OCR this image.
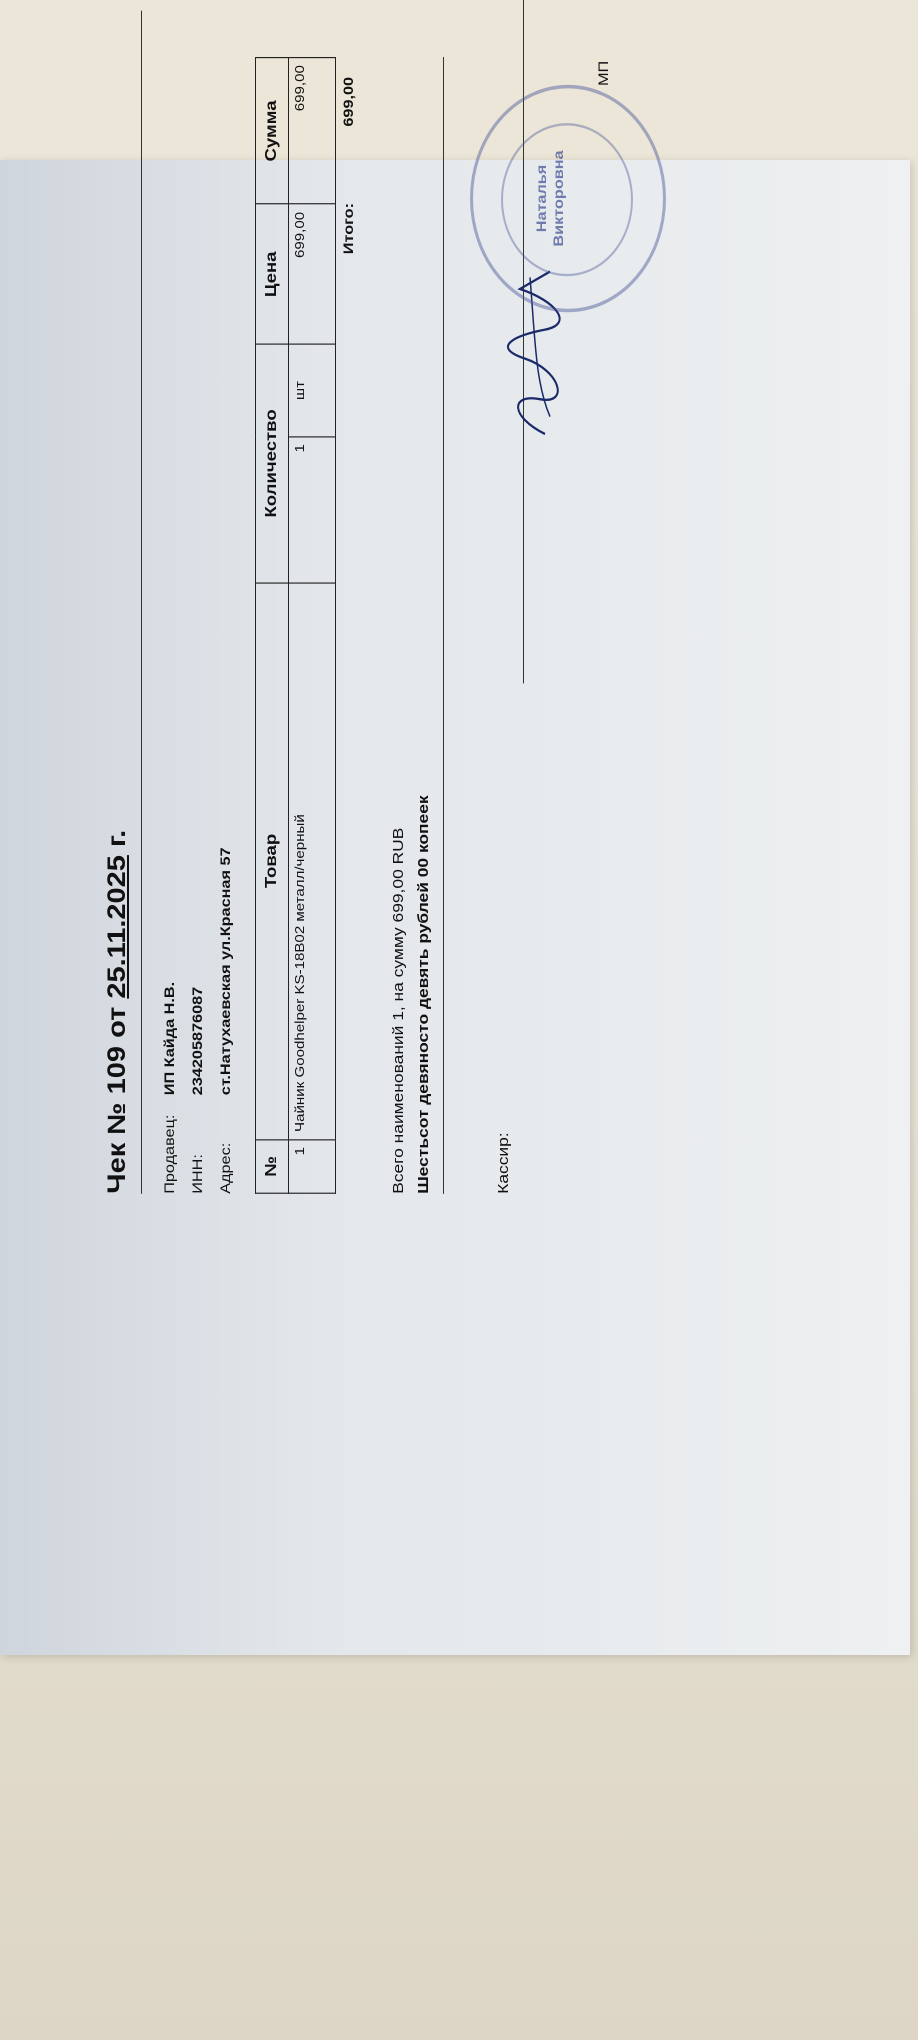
Чек № 109 от 25.11.2025 г.
Продавец:
ИП Кайда Н.В.
ИНН:
234205876087
Адрес:
ст.Натухаевская ул.Красная 57
№	Товар	Количество		Цена	Сумма
1	Чайник Goodhelper KS-18B02 металл/черный	1	шт	699,00	699,00
Итого:
699,00
Всего наименований 1, на сумму 699,00 RUB Шестьсот девяносто девять рублей 00 копеек	Кассир:
Наталья Викторовна
МП
